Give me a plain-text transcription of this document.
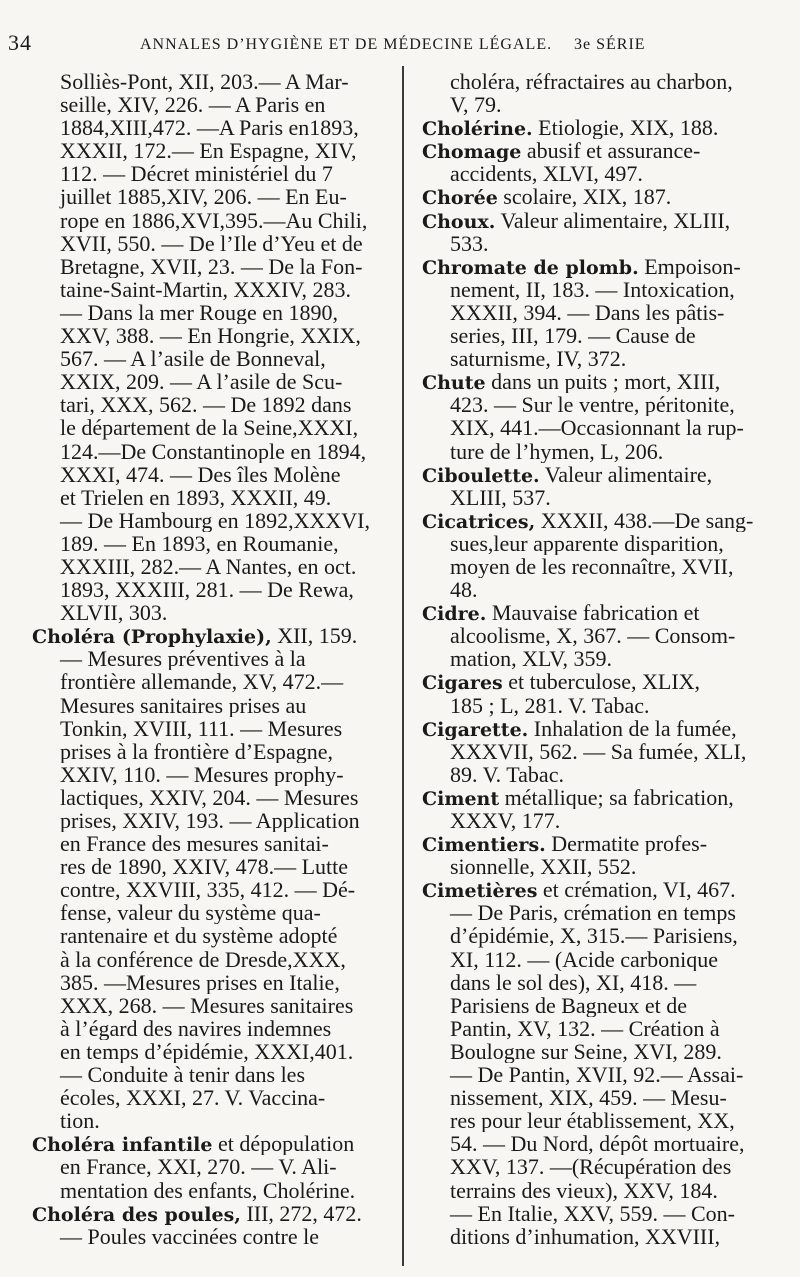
34	ANNALES D’HYGIÈNE ET DE MÉDECINE LÉGALE. 3e SÉRIE
Solliès-Pont, XII, 203.— A Mar-
seille, XIV, 226. — A Paris en
1884,XIII,472. —A Paris en1893,
XXXII, 172.— En Espagne, XIV,
112. — Décret ministériel du 7
juillet 1885,XIV, 206. — En Eu-
rope en 1886,XVI,395.—Au Chili,
XVII, 550. — De l’Ile d’Yeu et de
Bretagne, XVII, 23. — De la Fon-
taine-Saint-Martin, XXXIV, 283.
— Dans la mer Rouge en 1890,
XXV, 388. — En Hongrie, XXIX,
567. — A l’asile de Bonneval,
XXIX, 209. — A l’asile de Scu-
tari, XXX, 562. — De 1892 dans
le département de la Seine,XXXI,
124.—De Constantinople en 1894,
XXXI, 474. — Des îles Molène
et Trielen en 1893, XXXII, 49.
— De Hambourg en 1892,XXXVI,
189. — En 1893, en Roumanie,
XXXIII, 282.— A Nantes, en oct.
1893, XXXIII, 281. — De Rewa,
XLVII, 303.
Choléra (Prophylaxie), XII, 159.
— Mesures préventives à la
frontière allemande, XV, 472.—
Mesures sanitaires prises au
Tonkin, XVIII, 111. — Mesures
prises à la frontière d’Espagne,
XXIV, 110. — Mesures prophy-
lactiques, XXIV, 204. — Mesures
prises, XXIV, 193. — Application
en France des mesures sanitai-
res de 1890, XXIV, 478.— Lutte
contre, XXVIII, 335, 412. — Dé-
fense, valeur du système qua-
rantenaire et du système adopté
à la conférence de Dresde,XXX,
385. —Mesures prises en Italie,
XXX, 268. — Mesures sanitaires
à l’égard des navires indemnes
en temps d’épidémie, XXXI,401.
— Conduite à tenir dans les
écoles, XXXI, 27. V. Vaccina-
tion.
Choléra infantile et dépopulation
en France, XXI, 270. — V. Ali-
mentation des enfants, Cholérine.
Choléra des poules, III, 272, 472.
— Poules vaccinées contre le
choléra, réfractaires au charbon,
V, 79.
Cholérine. Etiologie, XIX, 188.
Chomage abusif et assurance-
accidents, XLVI, 497.
Chorée scolaire, XIX, 187.
Choux. Valeur alimentaire, XLIII,
533.
Chromate de plomb. Empoison-
nement, II, 183. — Intoxication,
XXXII, 394. — Dans les pâtis-
series, III, 179. — Cause de
saturnisme, IV, 372.
Chute dans un puits ; mort, XIII,
423. — Sur le ventre, péritonite,
XIX, 441.—Occasionnant la rup-
ture de l’hymen, L, 206.
Ciboulette. Valeur alimentaire,
XLIII, 537.
Cicatrices, XXXII, 438.—De sang-
sues,leur apparente disparition,
moyen de les reconnaître, XVII,
48.
Cidre. Mauvaise fabrication et
alcoolisme, X, 367. — Consom-
mation, XLV, 359.
Cigares et tuberculose, XLIX,
185 ; L, 281. V. Tabac.
Cigarette. Inhalation de la fumée,
XXXVII, 562. — Sa fumée, XLI,
89. V. Tabac.
Ciment métallique; sa fabrication,
XXXV, 177.
Cimentiers. Dermatite profes-
sionnelle, XXII, 552.
Cimetières et crémation, VI, 467.
— De Paris, crémation en temps
d’épidémie, X, 315.— Parisiens,
XI, 112. — (Acide carbonique
dans le sol des), XI, 418. —
Parisiens de Bagneux et de
Pantin, XV, 132. — Création à
Boulogne sur Seine, XVI, 289.
— De Pantin, XVII, 92.— Assai-
nissement, XIX, 459. — Mesu-
res pour leur établissement, XX,
54. — Du Nord, dépôt mortuaire,
XXV, 137. —(Récupération des
terrains des vieux), XXV, 184.
— En Italie, XXV, 559. — Con-
ditions d’inhumation, XXVIII,
